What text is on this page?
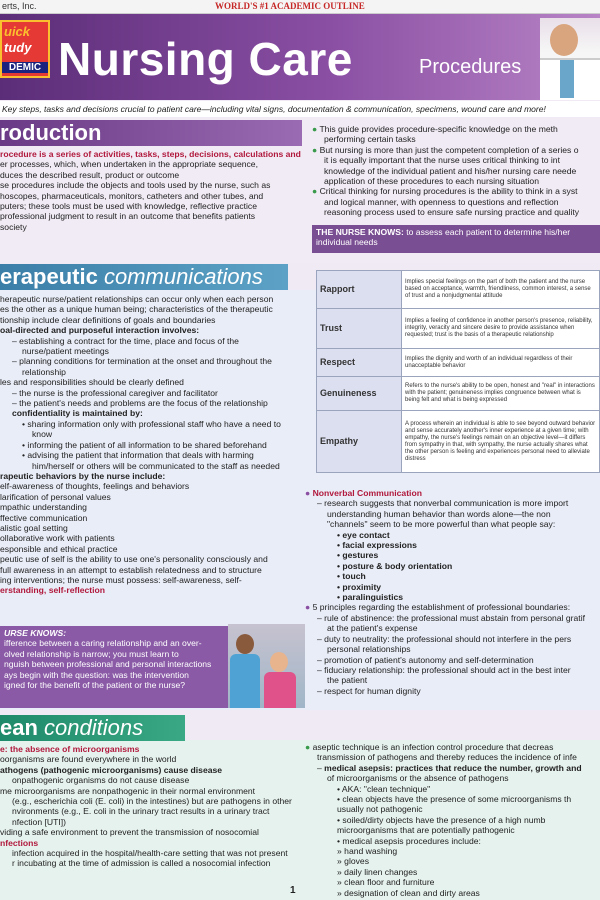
erts, Inc.	WORLD'S #1 ACADEMIC OUTLINE
uick
tudy
DEMIC Nursing Care	Procedures
Key steps, tasks and decisions crucial to patient care—including vital signs, documentation & communication, specimens, wound care and more!
roduction
rocedure is a series of activities, tasks, steps, decisions, calculations and
er processes, which, when undertaken in the appropriate sequence,
duces the described result, product or outcome
se procedures include the objects and tools used by the nurse, such as
hoscopes, pharmaceuticals, monitors, catheters and other tubes, and
puters; these tools must be used with knowledge, reflective practice
professional judgment to result in an outcome that benefits patients
society
● This guide provides procedure-specific knowledge on the meth
performing certain tasks
● But nursing is more than just the competent completion of a series o
it is equally important that the nurse uses critical thinking to int
knowledge of the individual patient and his/her nursing care neede
application of these procedures to each nursing situation
● Critical thinking for nursing procedures is the ability to think in a syst
and logical manner, with openness to questions and reflection
reasoning process used to ensure safe nursing practice and quality
THE NURSE KNOWS: to assess each patient to determine his/her
individual needs
erapeutic communications
herapeutic nurse/patient relationships can occur only when each person
es the other as a unique human being; characteristics of the therapeutic
tionship include clear definitions of goals and boundaries
oal-directed and purposeful interaction involves:
– establishing a contract for the time, place and focus of the
nurse/patient meetings
– planning conditions for termination at the onset and throughout the
relationship
les and responsibilities should be clearly defined
– the nurse is the professional caregiver and facilitator
– the patient's needs and problems are the focus of the relationship
confidentiality is maintained by:
• sharing information only with professional staff who have a need to
know
• informing the patient of all information to be shared beforehand
• advising the patient that information that deals with harming
him/herself or others will be communicated to the staff as needed
rapeutic behaviors by the nurse include:
elf-awareness of thoughts, feelings and behaviors
larification of personal values
mpathic understanding
ffective communication
alistic goal setting
ollaborative work with patients
esponsible and ethical practice
peutic use of self is the ability to use one's personality consciously and
full awareness in an attempt to establish relatedness and to structure
ing interventions; the nurse must possess: self-awareness, self-
erstanding, self-reflection
Rapport	Implies special feelings on the part of both the patient and the nurse based on acceptance, warmth, friendliness, common interest, a sense of trust and a nonjudgmental attitude
Trust	Implies a feeling of confidence in another person's presence, reliability, integrity, veracity and sincere desire to provide assistance when requested; trust is the basis of a therapeutic relationship
Respect	Implies the dignity and worth of an individual regardless of their unacceptable behavior
Genuineness	Refers to the nurse's ability to be open, honest and "real" in interactions with the patient; genuineness implies congruence between what is being felt and what is being expressed
Empathy	A process wherein an individual is able to see beyond outward behavior and sense accurately another's inner experience at a given time; with empathy, the nurse's feelings remain on an objective level—it differs from sympathy in that, with sympathy, the nurse actually shares what the other person is feeling and experiences personal need to alleviate distress
● Nonverbal Communication
– research suggests that nonverbal communication is more import
understanding human behavior than words alone—the non
"channels" seem to be more powerful than what people say:
• eye contact
• facial expressions
• gestures
• posture & body orientation
• touch
• proximity
• paralinguistics
● 5 principles regarding the establishment of professional boundaries:
– rule of abstinence: the professional must abstain from personal gratif
at the patient's expense
– duty to neutrality: the professional should not interfere in the pers
personal relationships
– promotion of patient's autonomy and self-determination
– fiduciary relationship: the professional should act in the best inter
the patient
– respect for human dignity
URSE KNOWS:
ifference between a caring relationship and an over-
olved relationship is narrow; you must learn to
nguish between professional and personal interactions
ays begin with the question: was the intervention
igned for the benefit of the patient or the nurse?
ean conditions
e: the absence of microorganisms
oorganisms are found everywhere in the world
athogens (pathogenic microorganisms) cause disease
onpathogenic organisms do not cause disease
me microorganisms are nonpathogenic in their normal environment
(e.g., escherichia coli (E. coli) in the intestines) but are pathogens in other
nvironments (e.g., E. coli in the urinary tract results in a urinary tract
nfection [UTI])
viding a safe environment to prevent the transmission of nosocomial
nfections
infection acquired in the hospital/health-care setting that was not present
r incubating at the time of admission is called a nosocomial infection
● aseptic technique is an infection control procedure that decreas
transmission of pathogens and thereby reduces the incidence of infe
– medical asepsis: practices that reduce the number, growth and
of microorganisms or the absence of pathogens
• AKA: "clean technique"
• clean objects have the presence of some microorganisms th
usually not pathogenic
• soiled/dirty objects have the presence of a high numb
microorganisms that are potentially pathogenic
• medical asepsis procedures include:
» hand washing
» gloves
» daily linen changes
» clean floor and furniture
» designation of clean and dirty areas
1
